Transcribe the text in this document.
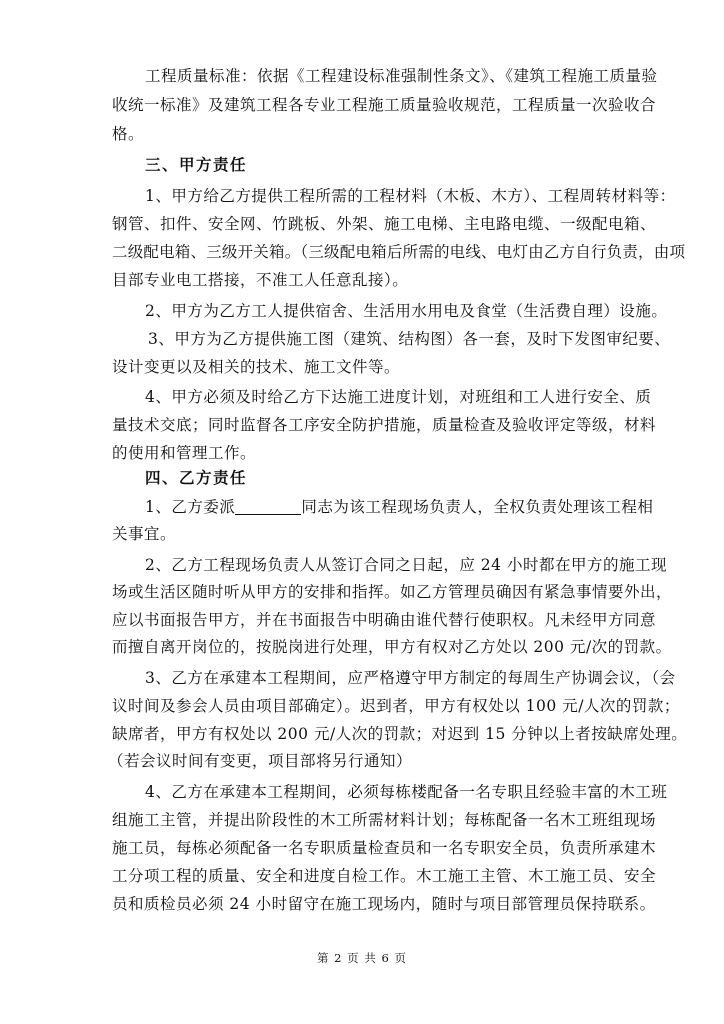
工程质量标准：依据《工程建设标准强制性条文》、《建筑工程施工质量验
收统一标准》及建筑工程各专业工程施工质量验收规范，工程质量一次验收合
格。
三、甲方责任
1、甲方给乙方提供工程所需的工程材料（木板、木方）、工程周转材料等：
钢管、扣件、安全网、竹跳板、外架、施工电梯、主电路电缆、一级配电箱、
二级配电箱、三级开关箱。（三级配电箱后所需的电线、电灯由乙方自行负责，由项
目部专业电工搭接，不准工人任意乱接）。
2、甲方为乙方工人提供宿舍、生活用水用电及食堂（生活费自理）设施。
3、甲方为乙方提供施工图（建筑、结构图）各一套，及时下发图审纪要、
设计变更以及相关的技术、施工文件等。
4、甲方必须及时给乙方下达施工进度计划，对班组和工人进行安全、质
量技术交底；同时监督各工序安全防护措施，质量检查及验收评定等级，材料
的使用和管理工作。
四、乙方责任
1、乙方委派	同志为该工程现场负责人，全权负责处理该工程相
关事宜。
2、乙方工程现场负责人从签订合同之日起，应 24 小时都在甲方的施工现
场或生活区随时听从甲方的安排和指挥。如乙方管理员确因有紧急事情要外出，
应以书面报告甲方，并在书面报告中明确由谁代替行使职权。凡未经甲方同意
而擅自离开岗位的，按脱岗进行处理，甲方有权对乙方处以 200 元/次的罚款。
3、乙方在承建本工程期间，应严格遵守甲方制定的每周生产协调会议，（会
议时间及参会人员由项目部确定）。迟到者，甲方有权处以 100 元/人次的罚款；
缺席者，甲方有权处以 200 元/人次的罚款；对迟到 15 分钟以上者按缺席处理。
（若会议时间有变更，项目部将另行通知）
4、乙方在承建本工程期间，必须每栋楼配备一名专职且经验丰富的木工班
组施工主管，并提出阶段性的木工所需材料计划；每栋配备一名木工班组现场
施工员，每栋必须配备一名专职质量检查员和一名专职安全员，负责所承建木
工分项工程的质量、安全和进度自检工作。木工施工主管、木工施工员、安全
员和质检员必须 24 小时留守在施工现场内，随时与项目部管理员保持联系。
第 2 页 共 6 页
